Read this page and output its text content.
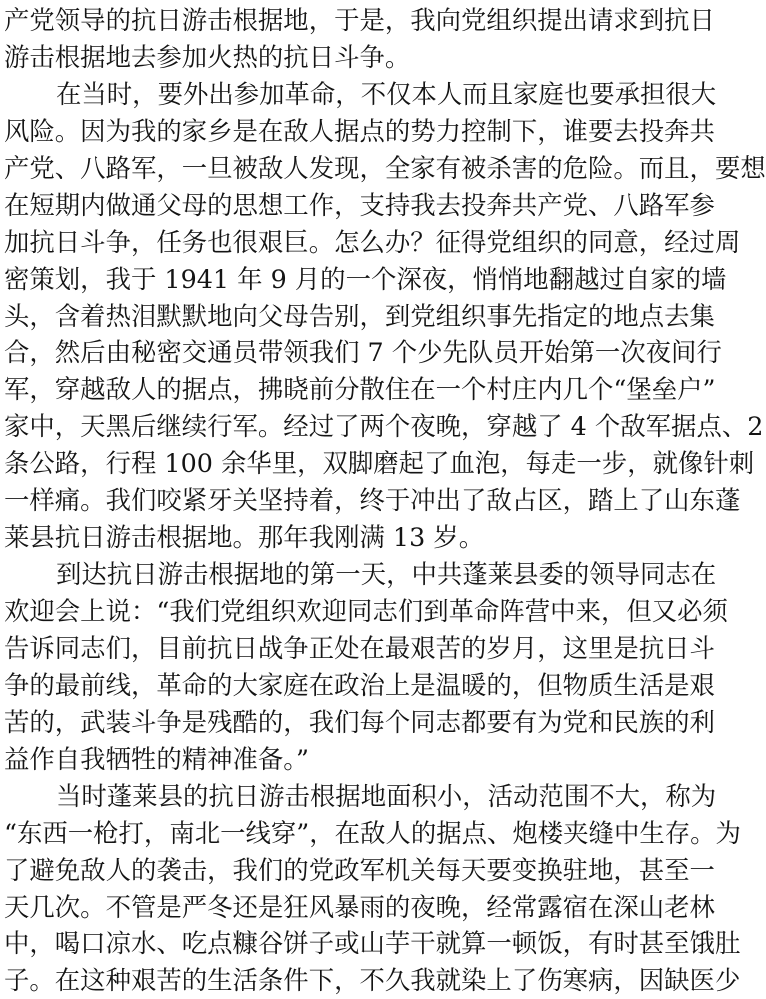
产党领导的抗日游击根据地，于是，我向党组织提出请求到抗日
游击根据地去参加火热的抗日斗争。
在当时，要外出参加革命，不仅本人而且家庭也要承担很大
风险。因为我的家乡是在敌人据点的势力控制下，谁要去投奔共
产党、八路军，一旦被敌人发现，全家有被杀害的危险。而且，要想
在短期内做通父母的思想工作，支持我去投奔共产党、八路军参
加抗日斗争，任务也很艰巨。怎么办？征得党组织的同意，经过周
密策划，我于 1941 年 9 月的一个深夜，悄悄地翻越过自家的墙
头，含着热泪默默地向父母告别，到党组织事先指定的地点去集
合，然后由秘密交通员带领我们 7 个少先队员开始第一次夜间行
军，穿越敌人的据点，拂晓前分散住在一个村庄内几个“堡垒户”
家中，天黑后继续行军。经过了两个夜晚，穿越了 4 个敌军据点、2
条公路，行程 100 余华里，双脚磨起了血泡，每走一步，就像针刺
一样痛。我们咬紧牙关坚持着，终于冲出了敌占区，踏上了山东蓬
莱县抗日游击根据地。那年我刚满 13 岁。
到达抗日游击根据地的第一天，中共蓬莱县委的领导同志在
欢迎会上说：“我们党组织欢迎同志们到革命阵营中来，但又必须
告诉同志们，目前抗日战争正处在最艰苦的岁月，这里是抗日斗
争的最前线，革命的大家庭在政治上是温暖的，但物质生活是艰
苦的，武装斗争是残酷的，我们每个同志都要有为党和民族的利
益作自我牺牲的精神准备。”
当时蓬莱县的抗日游击根据地面积小，活动范围不大，称为
“东西一枪打，南北一线穿”，在敌人的据点、炮楼夹缝中生存。为
了避免敌人的袭击，我们的党政军机关每天要变换驻地，甚至一
天几次。不管是严冬还是狂风暴雨的夜晚，经常露宿在深山老林
中，喝口凉水、吃点糠谷饼子或山芋干就算一顿饭，有时甚至饿肚
子。在这种艰苦的生活条件下，不久我就染上了伤寒病，因缺医少
